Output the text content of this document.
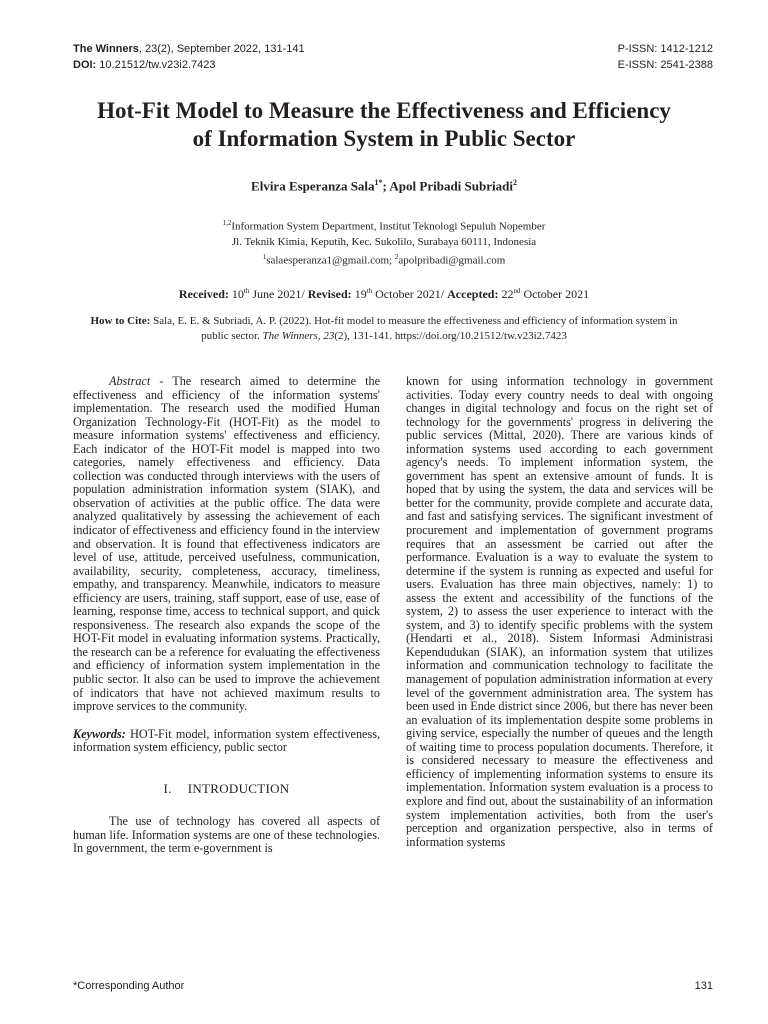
The Winners, 23(2), September 2022, 131-141
DOI: 10.21512/tw.v23i2.7423
P-ISSN: 1412-1212
E-ISSN: 2541-2388
Hot-Fit Model to Measure the Effectiveness and Efficiency
of Information System in Public Sector
Elvira Esperanza Sala$^{1*}$; Apol Pribadi Subriadi$^2$
$^{1,2}$Information System Department, Institut Teknologi Sepuluh Nopember
Jl. Teknik Kimia, Keputih, Kec. Sukolilo, Surabaya 60111, Indonesia
$^1$salaesperanza1@gmail.com; $^2$apolpribadi@gmail.com
Received: 10th June 2021/ Revised: 19th October 2021/ Accepted: 22nd October 2021
How to Cite: Sala, E. E. & Subriadi, A. P. (2022). Hot-fit model to measure the effectiveness and efficiency of information system in public sector. The Winners, 23(2), 131-141. https://doi.org/10.21512/tw.v23i2.7423

Abstract - The research aimed to determine the effectiveness and efficiency of the information systems' implementation. The research used the modified Human Organization Technology-Fit (HOT-Fit) as the model to measure information systems' effectiveness and efficiency. Each indicator of the HOT-Fit model is mapped into two categories, namely effectiveness and efficiency. Data collection was conducted through interviews with the users of population administration information system (SIAK), and observation of activities at the public office. The data were analyzed qualitatively by assessing the achievement of each indicator of effectiveness and efficiency found in the interview and observation. It is found that effectiveness indicators are level of use, attitude, perceived usefulness, communication, availability, security, completeness, accuracy, timeliness, empathy, and transparency. Meanwhile, indicators to measure efficiency are users, training, staff support, ease of use, ease of learning, response time, access to technical support, and quick responsiveness. The research also expands the scope of the HOT-Fit model in evaluating information systems. Practically, the research can be a reference for evaluating the effectiveness and efficiency of information system implementation in the public sector. It also can be used to improve the achievement of indicators that have not achieved maximum results to improve services to the community.

Keywords: HOT-Fit model, information system effectiveness, information system efficiency, public sector

I. INTRODUCTION

The use of technology has covered all aspects of human life. Information systems are one of these technologies. In government, the term e-government is

known for using information technology in government activities. Today every country needs to deal with ongoing changes in digital technology and focus on the right set of technology for the governments' progress in delivering the public services (Mittal, 2020). There are various kinds of information systems used according to each government agency's needs. To implement information system, the government has spent an extensive amount of funds. It is hoped that by using the system, the data and services will be better for the community, provide complete and accurate data, and fast and satisfying services. The significant investment of procurement and implementation of government programs requires that an assessment be carried out after the performance. Evaluation is a way to evaluate the system to determine if the system is running as expected and useful for users. Evaluation has three main objectives, namely: 1) to assess the extent and accessibility of the functions of the system, 2) to assess the user experience to interact with the system, and 3) to identify specific problems with the system (Hendarti et al., 2018). Sistem Informasi Administrasi Kependudukan (SIAK), an information system that utilizes information and communication technology to facilitate the management of population administration information at every level of the government administration area. The system has been used in Ende district since 2006, but there has never been an evaluation of its implementation despite some problems in giving service, especially the number of queues and the length of waiting time to process population documents. Therefore, it is considered necessary to measure the effectiveness and efficiency of implementing information systems to ensure its implementation. Information system evaluation is a process to explore and find out, about the sustainability of an information system implementation activities, both from the user's perception and organization perspective, also in terms of information systems

*Corresponding Author	131
